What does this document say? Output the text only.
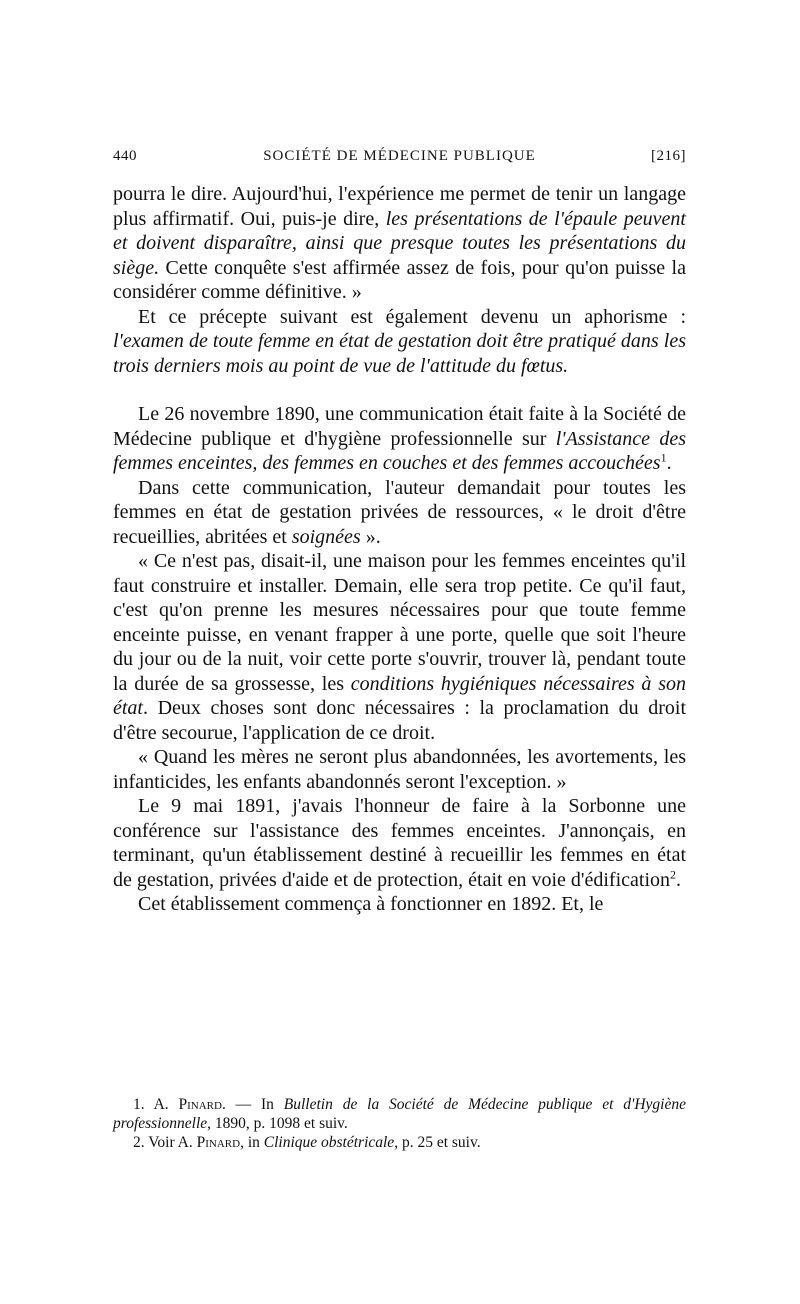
440	SOCIÉTÉ DE MÉDECINE PUBLIQUE	[216]

pourra le dire. Aujourd'hui, l'expérience me permet de tenir un langage plus affirmatif. Oui, puis-je dire, les présentations de l'épaule peuvent et doivent disparaître, ainsi que presque toutes les présentations du siège. Cette conquête s'est affirmée assez de fois, pour qu'on puisse la considérer comme définitive. »

Et ce précepte suivant est également devenu un aphorisme : l'examen de toute femme en état de gestation doit être pratiqué dans les trois derniers mois au point de vue de l'attitude du fœtus.

Le 26 novembre 1890, une communication était faite à la Société de Médecine publique et d'hygiène professionnelle sur l'Assistance des femmes enceintes, des femmes en couches et des femmes accouchées$^1$.

Dans cette communication, l'auteur demandait pour toutes les femmes en état de gestation privées de ressources, « le droit d'être recueillies, abritées et soignées ».

« Ce n'est pas, disait-il, une maison pour les femmes enceintes qu'il faut construire et installer. Demain, elle sera trop petite. Ce qu'il faut, c'est qu'on prenne les mesures nécessaires pour que toute femme enceinte puisse, en venant frapper à une porte, quelle que soit l'heure du jour ou de la nuit, voir cette porte s'ouvrir, trouver là, pendant toute la durée de sa grossesse, les conditions hygiéniques nécessaires à son état. Deux choses sont donc nécessaires : la proclamation du droit d'être secourue, l'application de ce droit.

« Quand les mères ne seront plus abandonnées, les avortements, les infanticides, les enfants abandonnés seront l'exception. »

Le 9 mai 1891, j'avais l'honneur de faire à la Sorbonne une conférence sur l'assistance des femmes enceintes. J'annonçais, en terminant, qu'un établissement destiné à recueillir les femmes en état de gestation, privées d'aide et de protection, était en voie d'édification$^2$.

Cet établissement commença à fonctionner en 1892. Et, le

1. A. Pinard. — In Bulletin de la Société de Médecine publique et d'Hygiène professionnelle, 1890, p. 1098 et suiv.

2. Voir A. Pinard, in Clinique obstétricale, p. 25 et suiv.
